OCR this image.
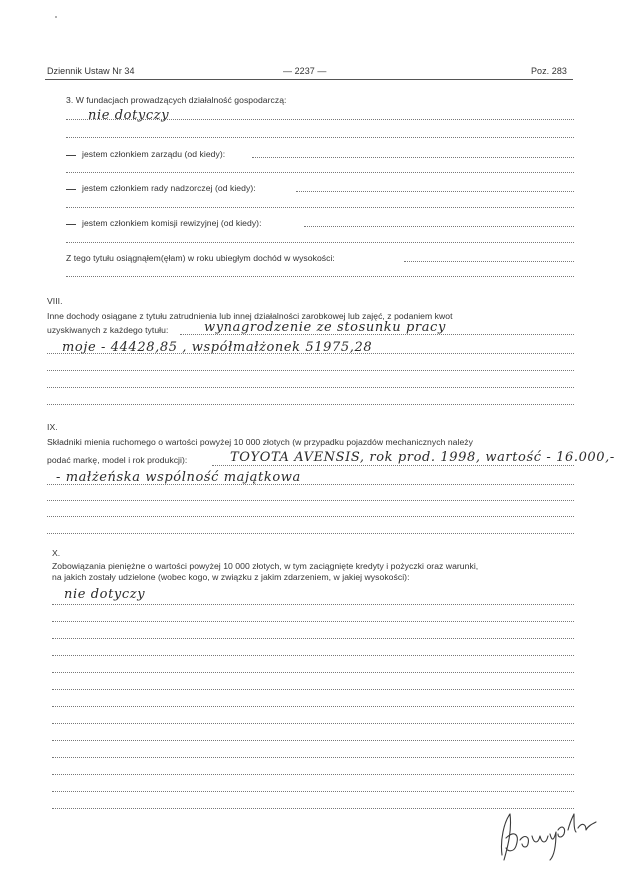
Dziennik Ustaw Nr 34	— 2237 —	Poz. 283
3. W fundacjach prowadzących działalność gospodarczą:
nie dotyczy
jestem członkiem zarządu (od kiedy):
jestem członkiem rady nadzorczej (od kiedy):
jestem członkiem komisji rewizyjnej (od kiedy):
Z tego tytułu osiągnąłem(ęłam) w roku ubiegłym dochód w wysokości:
VIII.
Inne dochody osiągane z tytułu zatrudnienia lub innej działalności zarobkowej lub zajęć, z podaniem kwot
uzyskiwanych z każdego tytułu:	wynagrodzenie ze stosunku pracy
moje - 44428,85 , współmałżonek 51975,28
IX.
Składniki mienia ruchomego o wartości powyżej 10 000 złotych (w przypadku pojazdów mechanicznych należy
podać markę, model i rok produkcji):	TOYOTA AVENSIS, rok prod. 1998, wartość - 16.000,-
- małżeńska wspólność majątkowa
X.
Zobowiązania pieniężne o wartości powyżej 10 000 złotych, w tym zaciągnięte kredyty i pożyczki oraz warunki,
na jakich zostały udzielone (wobec kogo, w związku z jakim zdarzeniem, w jakiej wysokości):
nie dotyczy
